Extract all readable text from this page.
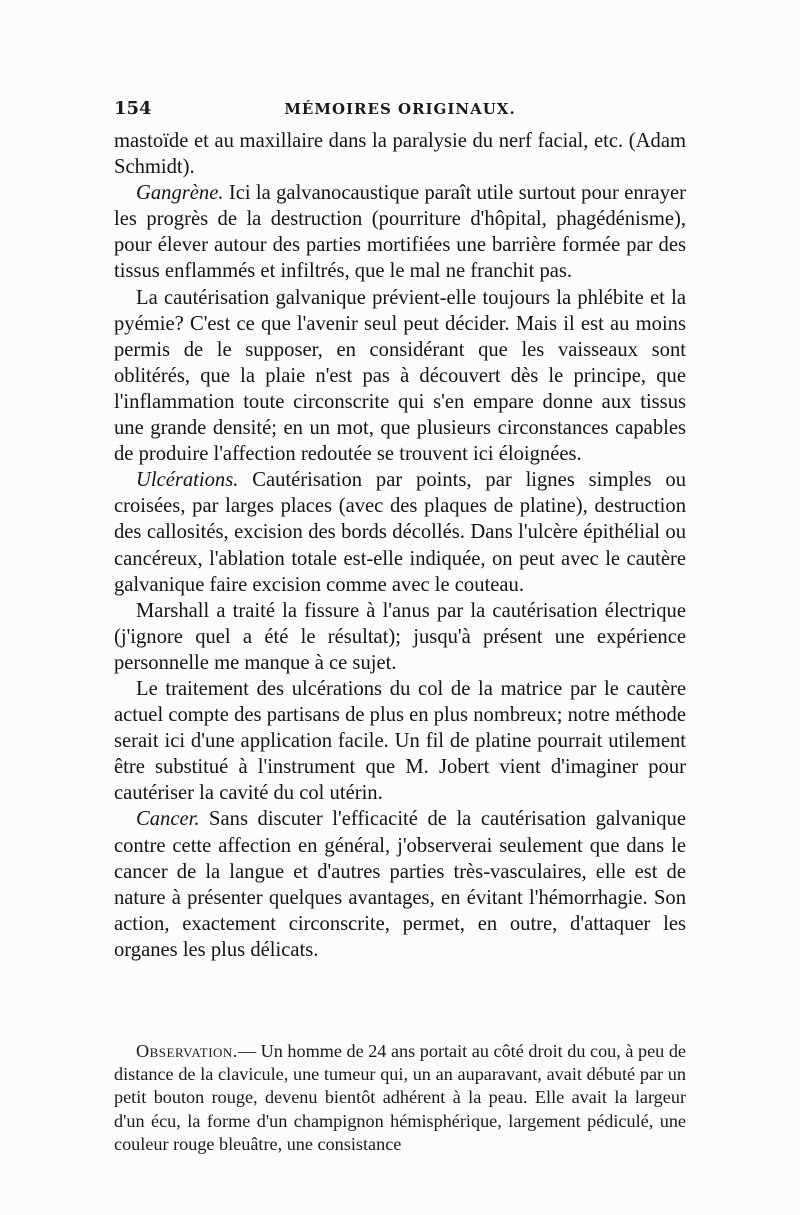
154	MÉMOIRES ORIGINAUX.

mastoïde et au maxillaire dans la paralysie du nerf facial, etc. (Adam Schmidt).

Gangrène. Ici la galvanocaustique paraît utile surtout pour enrayer les progrès de la destruction (pourriture d'hôpital, phagédénisme), pour élever autour des parties mortifiées une barrière formée par des tissus enflammés et infiltrés, que le mal ne franchit pas.

La cautérisation galvanique prévient-elle toujours la phlébite et la pyémie? C'est ce que l'avenir seul peut décider. Mais il est au moins permis de le supposer, en considérant que les vaisseaux sont oblitérés, que la plaie n'est pas à découvert dès le principe, que l'inflammation toute circonscrite qui s'en empare donne aux tissus une grande densité; en un mot, que plusieurs circonstances capables de produire l'affection redoutée se trouvent ici éloignées.

Ulcérations. Cautérisation par points, par lignes simples ou croisées, par larges places (avec des plaques de platine), destruction des callosités, excision des bords décollés. Dans l'ulcère épithélial ou cancéreux, l'ablation totale est-elle indiquée, on peut avec le cautère galvanique faire excision comme avec le couteau.

Marshall a traité la fissure à l'anus par la cautérisation électrique (j'ignore quel a été le résultat); jusqu'à présent une expérience personnelle me manque à ce sujet.

Le traitement des ulcérations du col de la matrice par le cautère actuel compte des partisans de plus en plus nombreux; notre méthode serait ici d'une application facile. Un fil de platine pourrait utilement être substitué à l'instrument que M. Jobert vient d'imaginer pour cautériser la cavité du col utérin.

Cancer. Sans discuter l'efficacité de la cautérisation galvanique contre cette affection en général, j'observerai seulement que dans le cancer de la langue et d'autres parties très-vasculaires, elle est de nature à présenter quelques avantages, en évitant l'hémorrhagie. Son action, exactement circonscrite, permet, en outre, d'attaquer les organes les plus délicats.

Observation.— Un homme de 24 ans portait au côté droit du cou, à peu de distance de la clavicule, une tumeur qui, un an auparavant, avait débuté par un petit bouton rouge, devenu bientôt adhérent à la peau. Elle avait la largeur d'un écu, la forme d'un champignon hémisphérique, largement pédiculé, une couleur rouge bleuâtre, une consistance
